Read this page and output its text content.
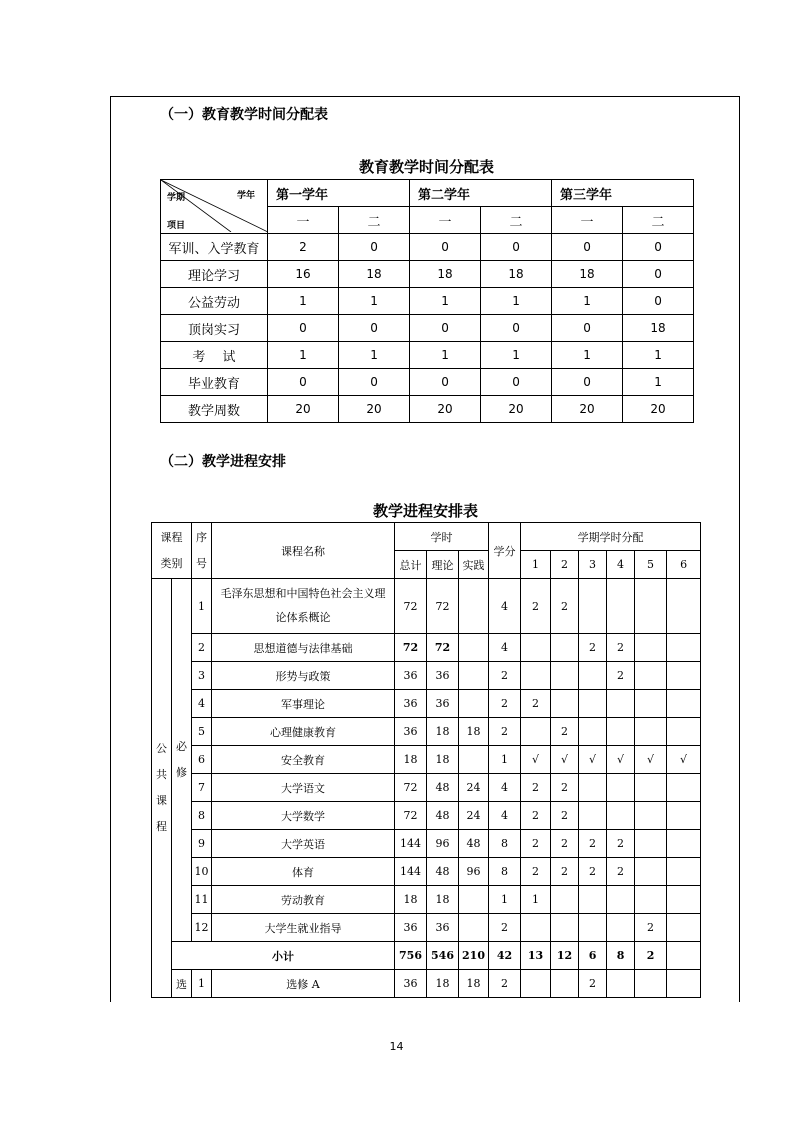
（一）教育教学时间分配表
教育教学时间分配表
学期 学年
项目	第一学年		第二学年		第三学年	
	一	二	一	二	一	二
军训、入学教育	2	0	0	0	0	0
理论学习	16	18	18	18	18	0
公益劳动	1	1	1	1	1	0
顶岗实习	0	0	0	0	0	18
考　 试	1	1	1	1	1	1
毕业教育	0	0	0	0	0	1
教学周数	20	20	20	20	20	20
（二）教学进程安排
教学进程安排表
课程
类别		序
号	课程名称	学时			学分	学期学时分配					
				总计	理论	实践		1	2	3	4	5	6
公
共
课
程	必
修	1	毛泽东思想和中国特色社会主义理论体系概论	72	72		4	2	2				
		2	思想道德与法律基础	72	72		4			2	2		
		3	形势与政策	36	36		2				2		
		4	军事理论	36	36		2	2					
		5	心理健康教育	36	18	18	2		2				
		6	安全教育	18	18		1	√	√	√	√	√	√
		7	大学语文	72	48	24	4	2	2				
		8	大学数学	72	48	24	4	2	2				
		9	大学英语	144	96	48	8	2	2	2	2		
		10	体育	144	48	96	8	2	2	2	2		
		11	劳动教育	18	18		1	1					
		12	大学生就业指导	36	36		2					2	
	小计			756	546	210	42	13	12	6	8	2	
	选	1	选修 A	36	18	18	2			2			
14
